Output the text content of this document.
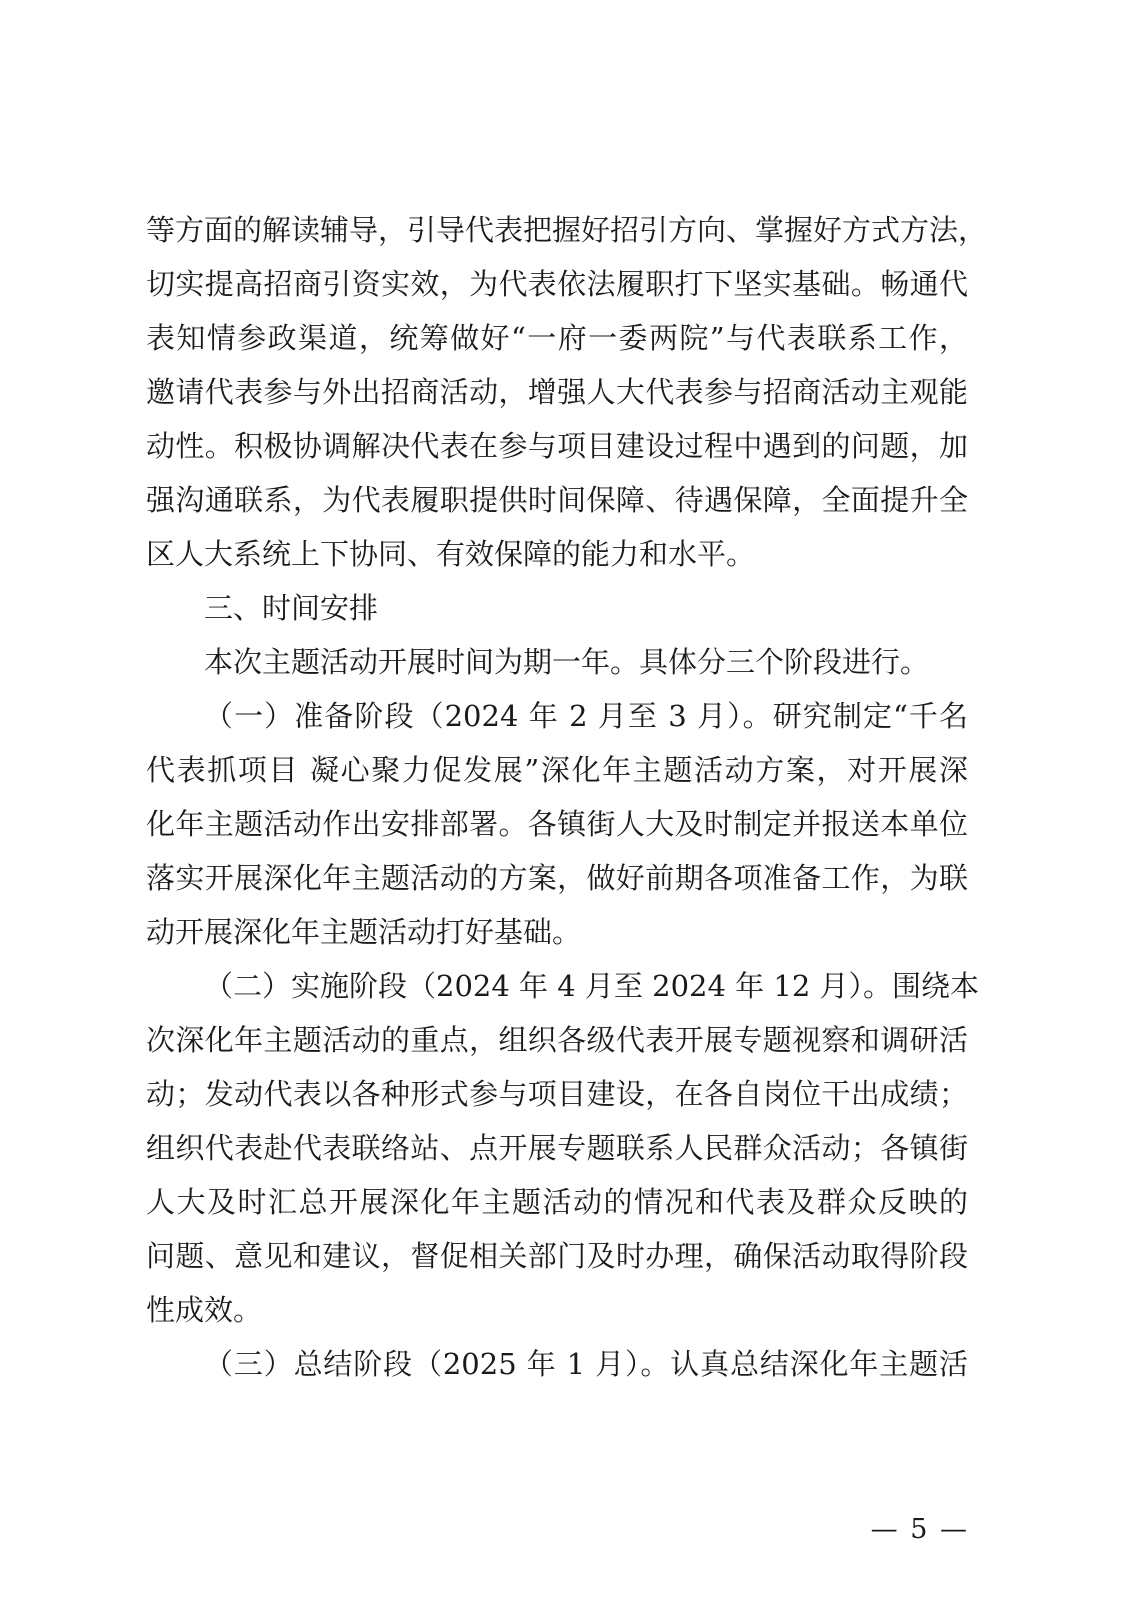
等方面的解读辅导，引导代表把握好招引方向、掌握好方式方法，
切实提高招商引资实效，为代表依法履职打下坚实基础。畅通代
表知情参政渠道，统筹做好“一府一委两院”与代表联系工作，
邀请代表参与外出招商活动，增强人大代表参与招商活动主观能
动性。积极协调解决代表在参与项目建设过程中遇到的问题，加
强沟通联系，为代表履职提供时间保障、待遇保障，全面提升全
区人大系统上下协同、有效保障的能力和水平。
三、时间安排
本次主题活动开展时间为期一年。具体分三个阶段进行。
（一）准备阶段（2024 年 2 月至 3 月）。研究制定“千名
代表抓项目 凝心聚力促发展”深化年主题活动方案，对开展深
化年主题活动作出安排部署。各镇街人大及时制定并报送本单位
落实开展深化年主题活动的方案，做好前期各项准备工作，为联
动开展深化年主题活动打好基础。
（二）实施阶段（2024 年 4 月至 2024 年 12 月）。围绕本
次深化年主题活动的重点，组织各级代表开展专题视察和调研活
动；发动代表以各种形式参与项目建设，在各自岗位干出成绩；
组织代表赴代表联络站、点开展专题联系人民群众活动；各镇街
人大及时汇总开展深化年主题活动的情况和代表及群众反映的
问题、意见和建议，督促相关部门及时办理，确保活动取得阶段
性成效。
（三）总结阶段（2025 年 1 月）。认真总结深化年主题活
— 5 —
